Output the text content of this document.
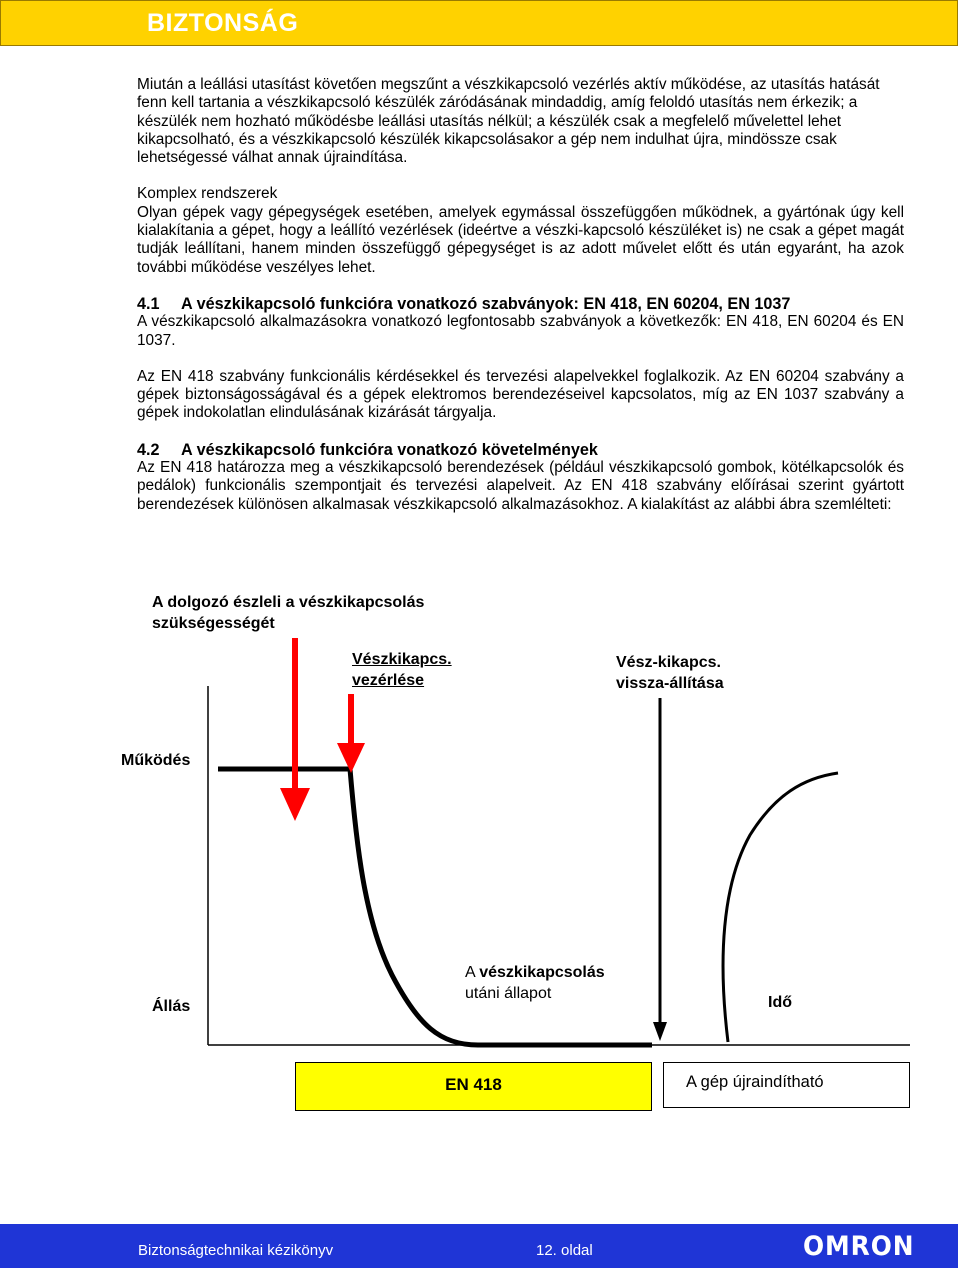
BIZTONSÁG

Miután a leállási utasítást követően megszűnt a vészkikapcsoló vezérlés aktív működése, az utasítás hatását fenn kell tartania a vészkikapcsoló készülék záródásának mindaddig, amíg feloldó utasítás nem érkezik; a készülék nem hozható működésbe leállási utasítás nélkül; a készülék csak a megfelelő művelettel lehet kikapcsolható, és a vészkikapcsoló készülék kikapcsolásakor a gép nem indulhat újra, mindössze csak lehetségessé válhat annak újraindítása.

Komplex rendszerek

Olyan gépek vagy gépegységek esetében, amelyek egymással összefüggően működnek, a gyártónak úgy kell kialakítania a gépet, hogy a leállító vezérlések (ideértve a vészki-kapcsoló készüléket is) ne csak a gépet magát tudják leállítani, hanem minden összefüggő gépegységet is az adott művelet előtt és után egyaránt, ha azok további működése veszélyes lehet.

4.1 A vészkikapcsoló funkcióra vonatkozó szabványok: EN 418, EN 60204, EN 1037

A vészkikapcsoló alkalmazásokra vonatkozó legfontosabb szabványok a következők: EN 418, EN 60204 és EN 1037.

Az EN 418 szabvány funkcionális kérdésekkel és tervezési alapelvekkel foglalkozik. Az EN 60204 szabvány a gépek biztonságosságával és a gépek elektromos berendezéseivel kapcsolatos, míg az EN 1037 szabvány a gépek indokolatlan elindulásának kizárását tárgyalja.

4.2 A vészkikapcsoló funkcióra vonatkozó követelmények

Az EN 418 határozza meg a vészkikapcsoló berendezések (például vészkikapcsoló gombok, kötélkapcsolók és pedálok) funkcionális szempontjait és tervezési alapelveit. Az EN 418 szabvány előírásai szerint gyártott berendezések különösen alkalmasak vészkikapcsoló alkalmazásokhoz. A kialakítást az alábbi ábra szemlélteti:

A dolgozó észleli a vészkikapcsolás
szükségességét
Vészkikapcs.
vezérlése
Vész-kikapcs.
vissza-állítása
Működés
Állás
A vészkikapcsolás
utáni állapot
Idő
EN 418	A gép újraindítható
Biztonságtechnikai kézikönyv	12. oldal	OMRON
